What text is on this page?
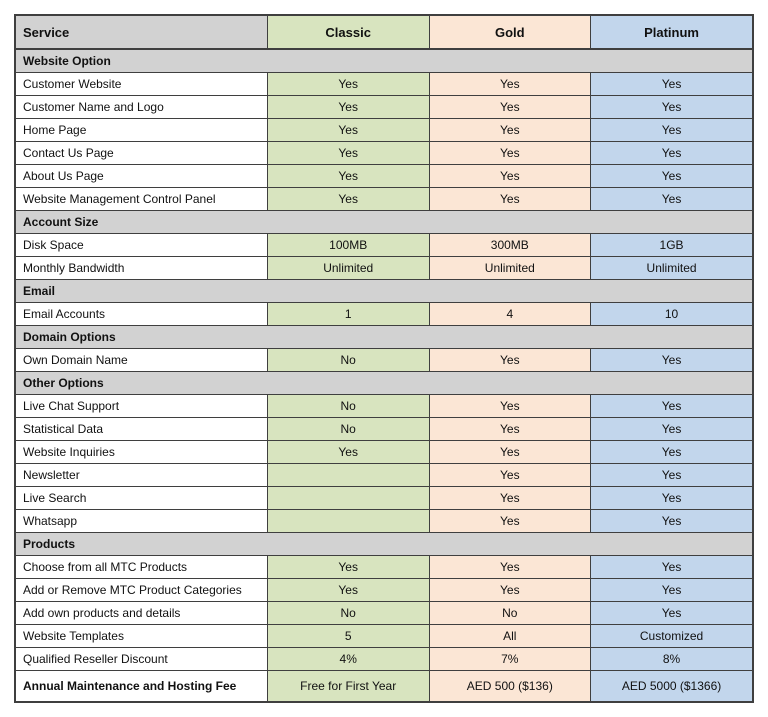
Service	Classic	Gold	Platinum
Website Option			
Customer Website	Yes	Yes	Yes
Customer Name and Logo	Yes	Yes	Yes
Home Page	Yes	Yes	Yes
Contact Us Page	Yes	Yes	Yes
About Us Page	Yes	Yes	Yes
Website Management Control Panel	Yes	Yes	Yes
Account Size			
Disk Space	100MB	300MB	1GB
Monthly Bandwidth	Unlimited	Unlimited	Unlimited
Email			
Email Accounts	1	4	10
Domain Options			
Own Domain Name	No	Yes	Yes
Other Options			
Live Chat Support	No	Yes	Yes
Statistical Data	No	Yes	Yes
Website Inquiries	Yes	Yes	Yes
Newsletter		Yes	Yes
Live Search		Yes	Yes
Whatsapp		Yes	Yes
Products			
Choose from all MTC Products	Yes	Yes	Yes
Add or Remove MTC Product Categories	Yes	Yes	Yes
Add own products and details	No	No	Yes
Website Templates	5	All	Customized
Qualified Reseller Discount	4%	7%	8%
Annual Maintenance and Hosting Fee	Free for First Year	AED 500 ($136)	AED 5000 ($1366)
